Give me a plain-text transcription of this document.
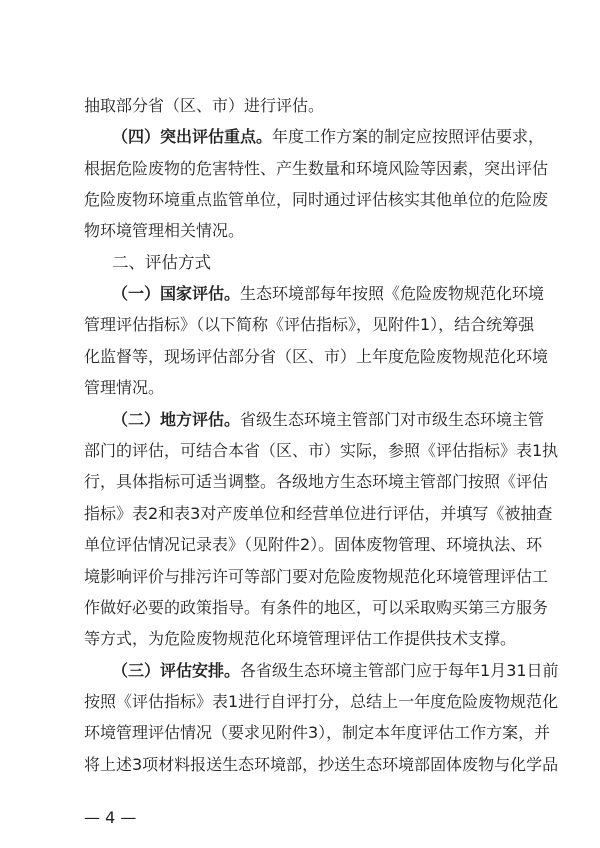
抽取部分省（区、市）进行评估。
（四）突出评估重点。年度工作方案的制定应按照评估要求，
根据危险废物的危害特性、产生数量和环境风险等因素，突出评估
危险废物环境重点监管单位，同时通过评估核实其他单位的危险废
物环境管理相关情况。
二、评估方式
（一）国家评估。生态环境部每年按照《危险废物规范化环境
管理评估指标》（以下简称《评估指标》，见附件1），结合统筹强
化监督等，现场评估部分省（区、市）上年度危险废物规范化环境
管理情况。
（二）地方评估。省级生态环境主管部门对市级生态环境主管
部门的评估，可结合本省（区、市）实际，参照《评估指标》表1执
行，具体指标可适当调整。各级地方生态环境主管部门按照《评估
指标》表2和表3对产废单位和经营单位进行评估，并填写《被抽查
单位评估情况记录表》（见附件2）。固体废物管理、环境执法、环
境影响评价与排污许可等部门要对危险废物规范化环境管理评估工
作做好必要的政策指导。有条件的地区，可以采取购买第三方服务
等方式，为危险废物规范化环境管理评估工作提供技术支撑。
（三）评估安排。各省级生态环境主管部门应于每年1月31日前
按照《评估指标》表1进行自评打分，总结上一年度危险废物规范化
环境管理评估情况（要求见附件3），制定本年度评估工作方案，并
将上述3项材料报送生态环境部，抄送生态环境部固体废物与化学品
— 4 —
